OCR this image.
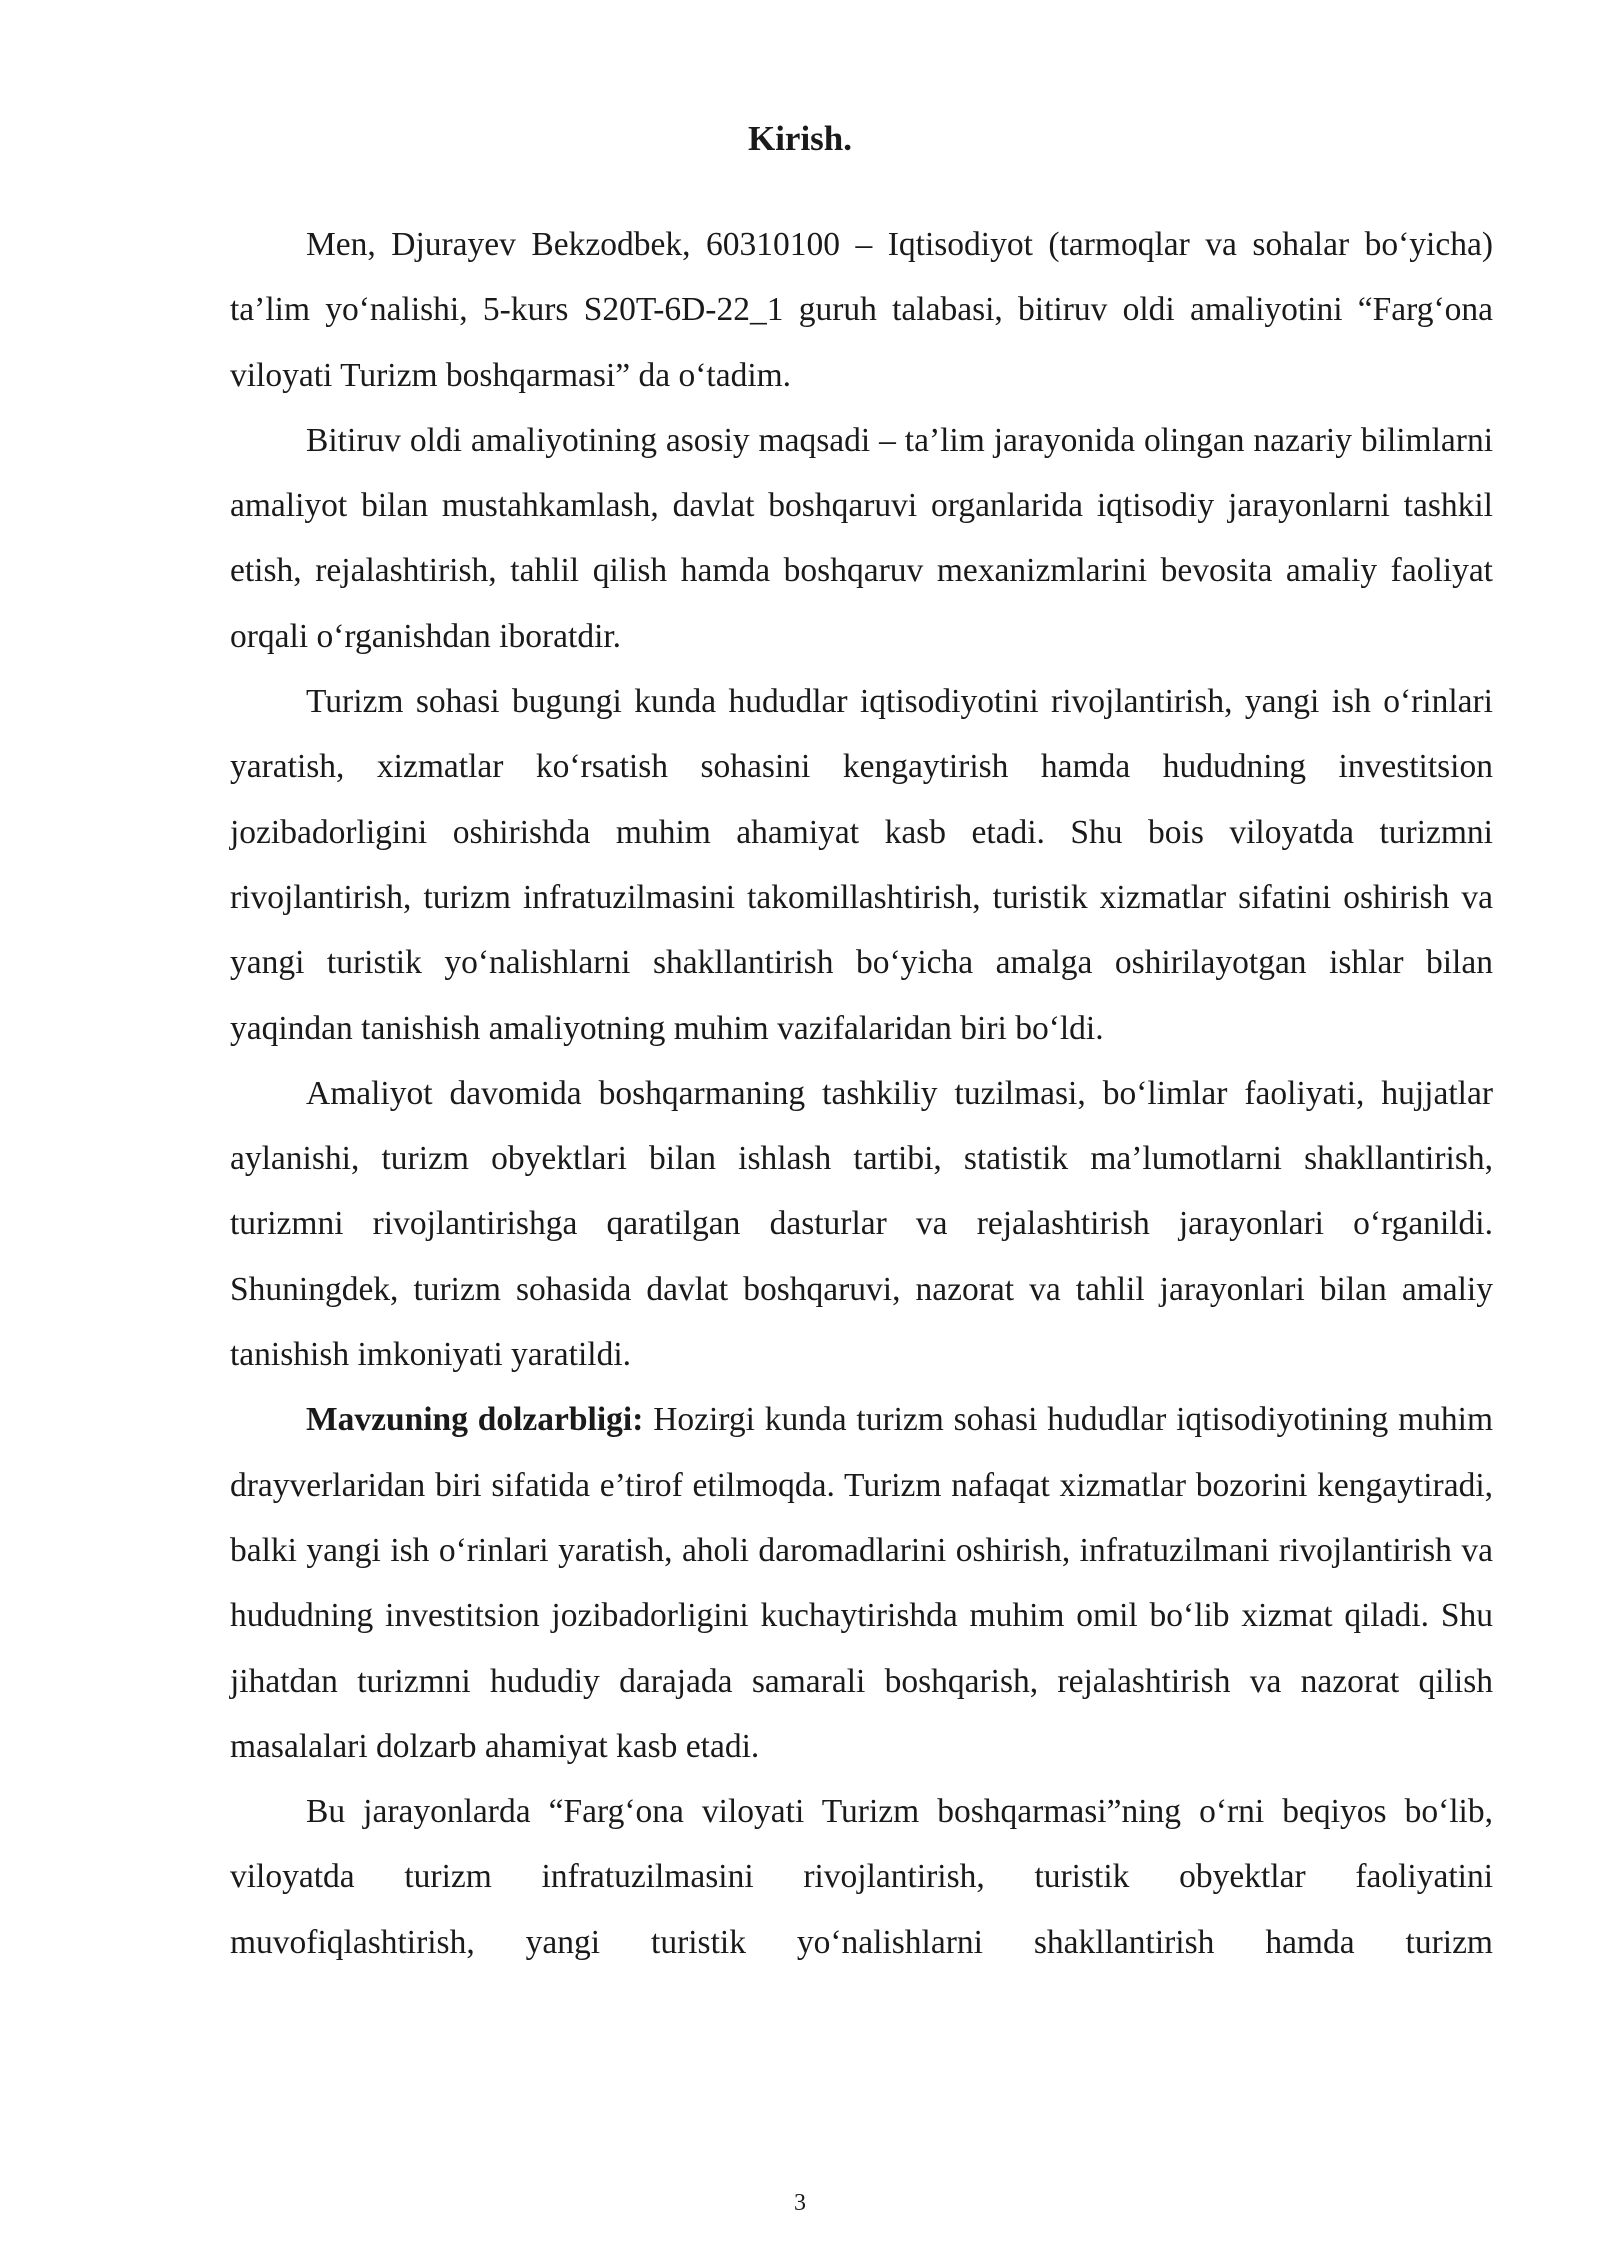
Kirish.

Men, Djurayev Bekzodbek, 60310100 – Iqtisodiyot (tarmoqlar va sohalar bo‘yicha) ta’lim yo‘nalishi, 5-kurs S20T-6D-22_1 guruh talabasi, bitiruv oldi amaliyotini “Farg‘ona viloyati Turizm boshqarmasi” da o‘tadim.

Bitiruv oldi amaliyotining asosiy maqsadi – ta’lim jarayonida olingan nazariy bilimlarni amaliyot bilan mustahkamlash, davlat boshqaruvi organlarida iqtisodiy jarayonlarni tashkil etish, rejalashtirish, tahlil qilish hamda boshqaruv mexanizmlarini bevosita amaliy faoliyat orqali o‘rganishdan iboratdir.

Turizm sohasi bugungi kunda hududlar iqtisodiyotini rivojlantirish, yangi ish o‘rinlari yaratish, xizmatlar ko‘rsatish sohasini kengaytirish hamda hududning investitsion jozibadorligini oshirishda muhim ahamiyat kasb etadi. Shu bois viloyatda turizmni rivojlantirish, turizm infratuzilmasini takomillashtirish, turistik xizmatlar sifatini oshirish va yangi turistik yo‘nalishlarni shakllantirish bo‘yicha amalga oshirilayotgan ishlar bilan yaqindan tanishish amaliyotning muhim vazifalaridan biri bo‘ldi.

Amaliyot davomida boshqarmaning tashkiliy tuzilmasi, bo‘limlar faoliyati, hujjatlar aylanishi, turizm obyektlari bilan ishlash tartibi, statistik ma’lumotlarni shakllantirish, turizmni rivojlantirishga qaratilgan dasturlar va rejalashtirish jarayonlari o‘rganildi. Shuningdek, turizm sohasida davlat boshqaruvi, nazorat va tahlil jarayonlari bilan amaliy tanishish imkoniyati yaratildi.

Mavzuning dolzarbligi: Hozirgi kunda turizm sohasi hududlar iqtisodiyotining muhim drayverlaridan biri sifatida e’tirof etilmoqda. Turizm nafaqat xizmatlar bozorini kengaytiradi, balki yangi ish o‘rinlari yaratish, aholi daromadlarini oshirish, infratuzilmani rivojlantirish va hududning investitsion jozibadorligini kuchaytirishda muhim omil bo‘lib xizmat qiladi. Shu jihatdan turizmni hududiy darajada samarali boshqarish, rejalashtirish va nazorat qilish masalalari dolzarb ahamiyat kasb etadi.

Bu jarayonlarda “Farg‘ona viloyati Turizm boshqarmasi”ning o‘rni beqiyos bo‘lib, viloyatda turizm infratuzilmasini rivojlantirish, turistik obyektlar faoliyatini muvofiqlashtirish, yangi turistik yo‘nalishlarni shakllantirish hamda turizm

3
